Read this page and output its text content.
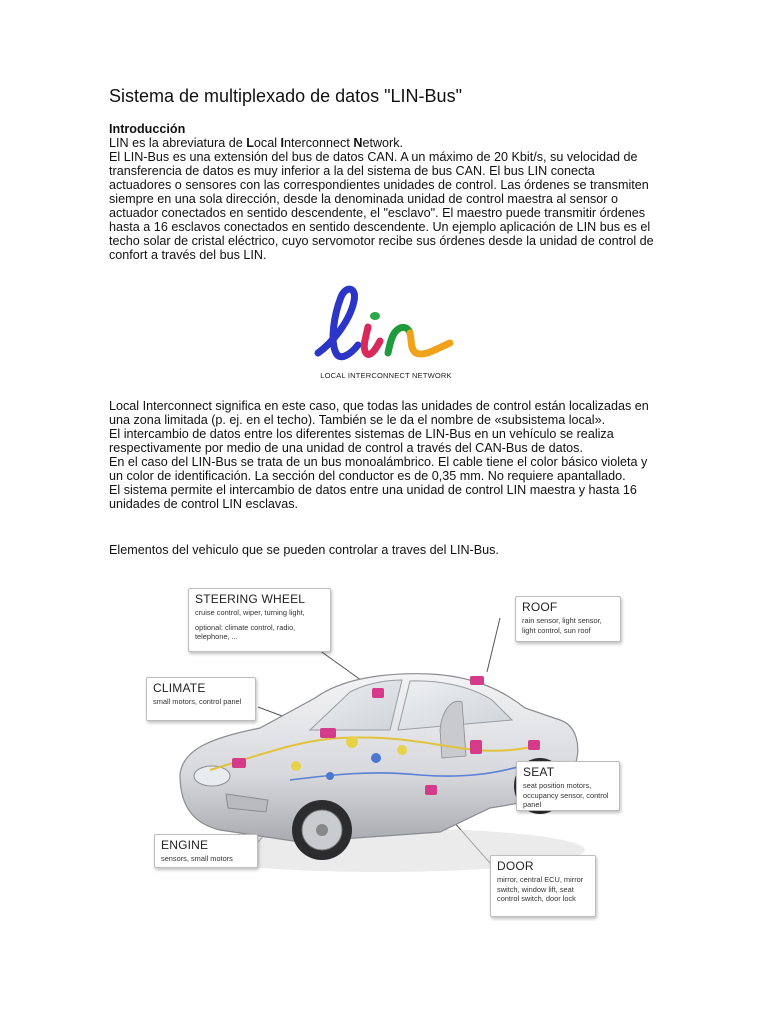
Sistema de multiplexado de datos "LIN-Bus"
Introducción

LIN es la abreviatura de Local Interconnect Network.

El LIN-Bus es una extensión del bus de datos CAN. A un máximo de 20 Kbit/s, su velocidad de transferencia de datos es muy inferior a la del sistema de bus CAN. El bus LIN conecta actuadores o sensores con las correspondientes unidades de control. Las órdenes se transmiten siempre en una sola dirección, desde la denominada unidad de control maestra al sensor o actuador conectados en sentido descendente, el "esclavo". El maestro puede transmitir órdenes hasta a 16 esclavos conectados en sentido descendente. Un ejemplo aplicación de LIN bus es el techo solar de cristal eléctrico, cuyo servomotor recibe sus órdenes desde la unidad de control de confort a través del bus LIN.

LOCAL INTERCONNECT NETWORK

Local Interconnect significa en este caso, que todas las unidades de control están localizadas en una zona limitada (p. ej. en el techo). También se le da el nombre de «subsistema local».

El intercambio de datos entre los diferentes sistemas de LIN-Bus en un vehículo se realiza respectivamente por medio de una unidad de control a través del CAN-Bus de datos.

En el caso del LIN-Bus se trata de un bus monoalámbrico. El cable tiene el color básico violeta y un color de identificación. La sección del conductor es de 0,35 mm. No requiere apantallado.

El sistema permite el intercambio de datos entre una unidad de control LIN maestra y hasta 16 unidades de control LIN esclavas.

Elementos del vehiculo que se pueden controlar a traves del LIN-Bus.
STEERING WHEEL
cruise control, wiper, turning light,
optional: climate control, radio, telephone, ...
ROOF
rain sensor, light sensor, light control, sun roof
CLIMATE
small motors, control panel
SEAT
seat position motors, occupancy sensor, control panel
ENGINE
sensors, small motors
DOOR
mirror, central ECU, mirror switch, window lift, seat control switch, door lock
